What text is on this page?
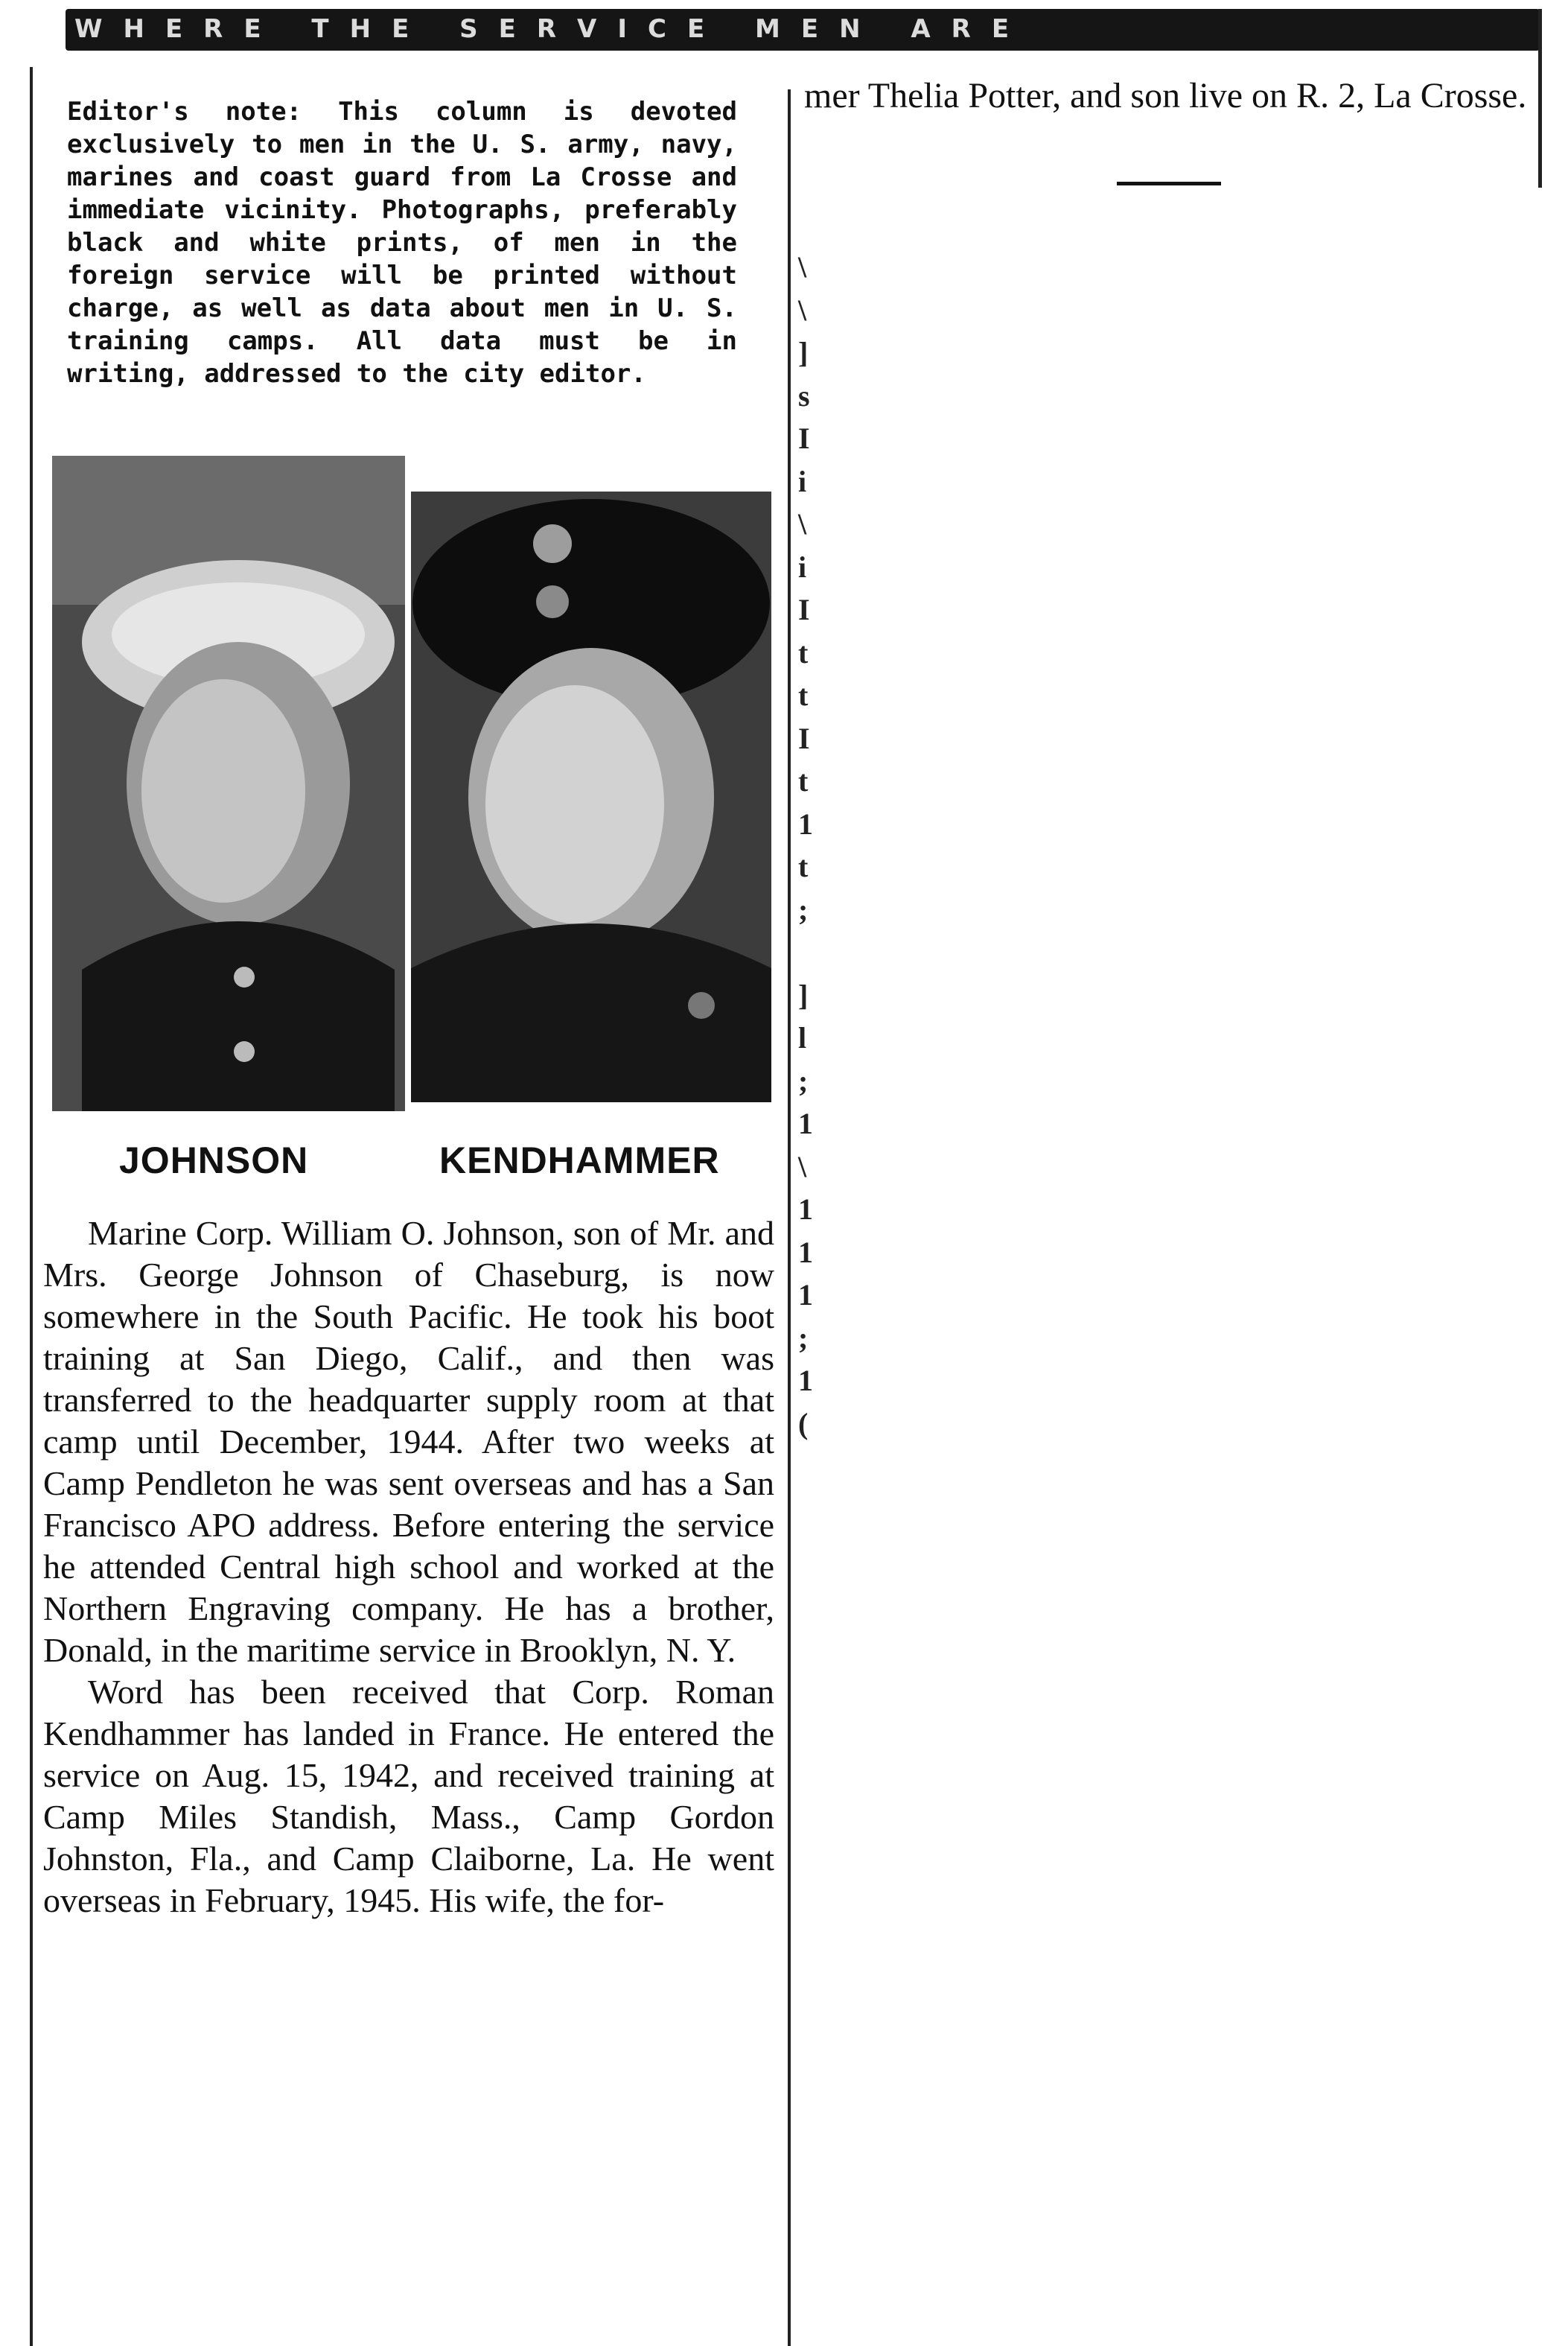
WHERE THE SERVICE MEN ARE

Editor's note: This column is devoted exclusively to men in the U. S. army, navy, marines and coast guard from La Crosse and immediate vicinity. Photographs, preferably black and white prints, of men in the foreign service will be printed without charge, as well as data about men in U. S. training camps. All data must be in writing, addressed to the city editor.

JOHNSON	KENDHAMMER

Marine Corp. William O. Johnson, son of Mr. and Mrs. George Johnson of Chaseburg, is now somewhere in the South Pacific. He took his boot training at San Diego, Calif., and then was transferred to the headquarter supply room at that camp until December, 1944. After two weeks at Camp Pendleton he was sent overseas and has a San Francisco APO address. Before entering the service he attended Central high school and worked at the Northern Engraving company. He has a brother, Donald, in the maritime service in Brooklyn, N. Y.

Word has been received that Corp. Roman Kendhammer has landed in France. He entered the service on Aug. 15, 1942, and received training at Camp Miles Standish, Mass., Camp Gordon Johnston, Fla., and Camp Claiborne, La. He went overseas in February, 1945. His wife, the for-

mer Thelia Potter, and son live on R. 2, La Crosse.

\
\
]
s
I
i
\
i
I
t
t
I
t
1
t
;

]
l
;
1
\
1
1
1
;
1
(
